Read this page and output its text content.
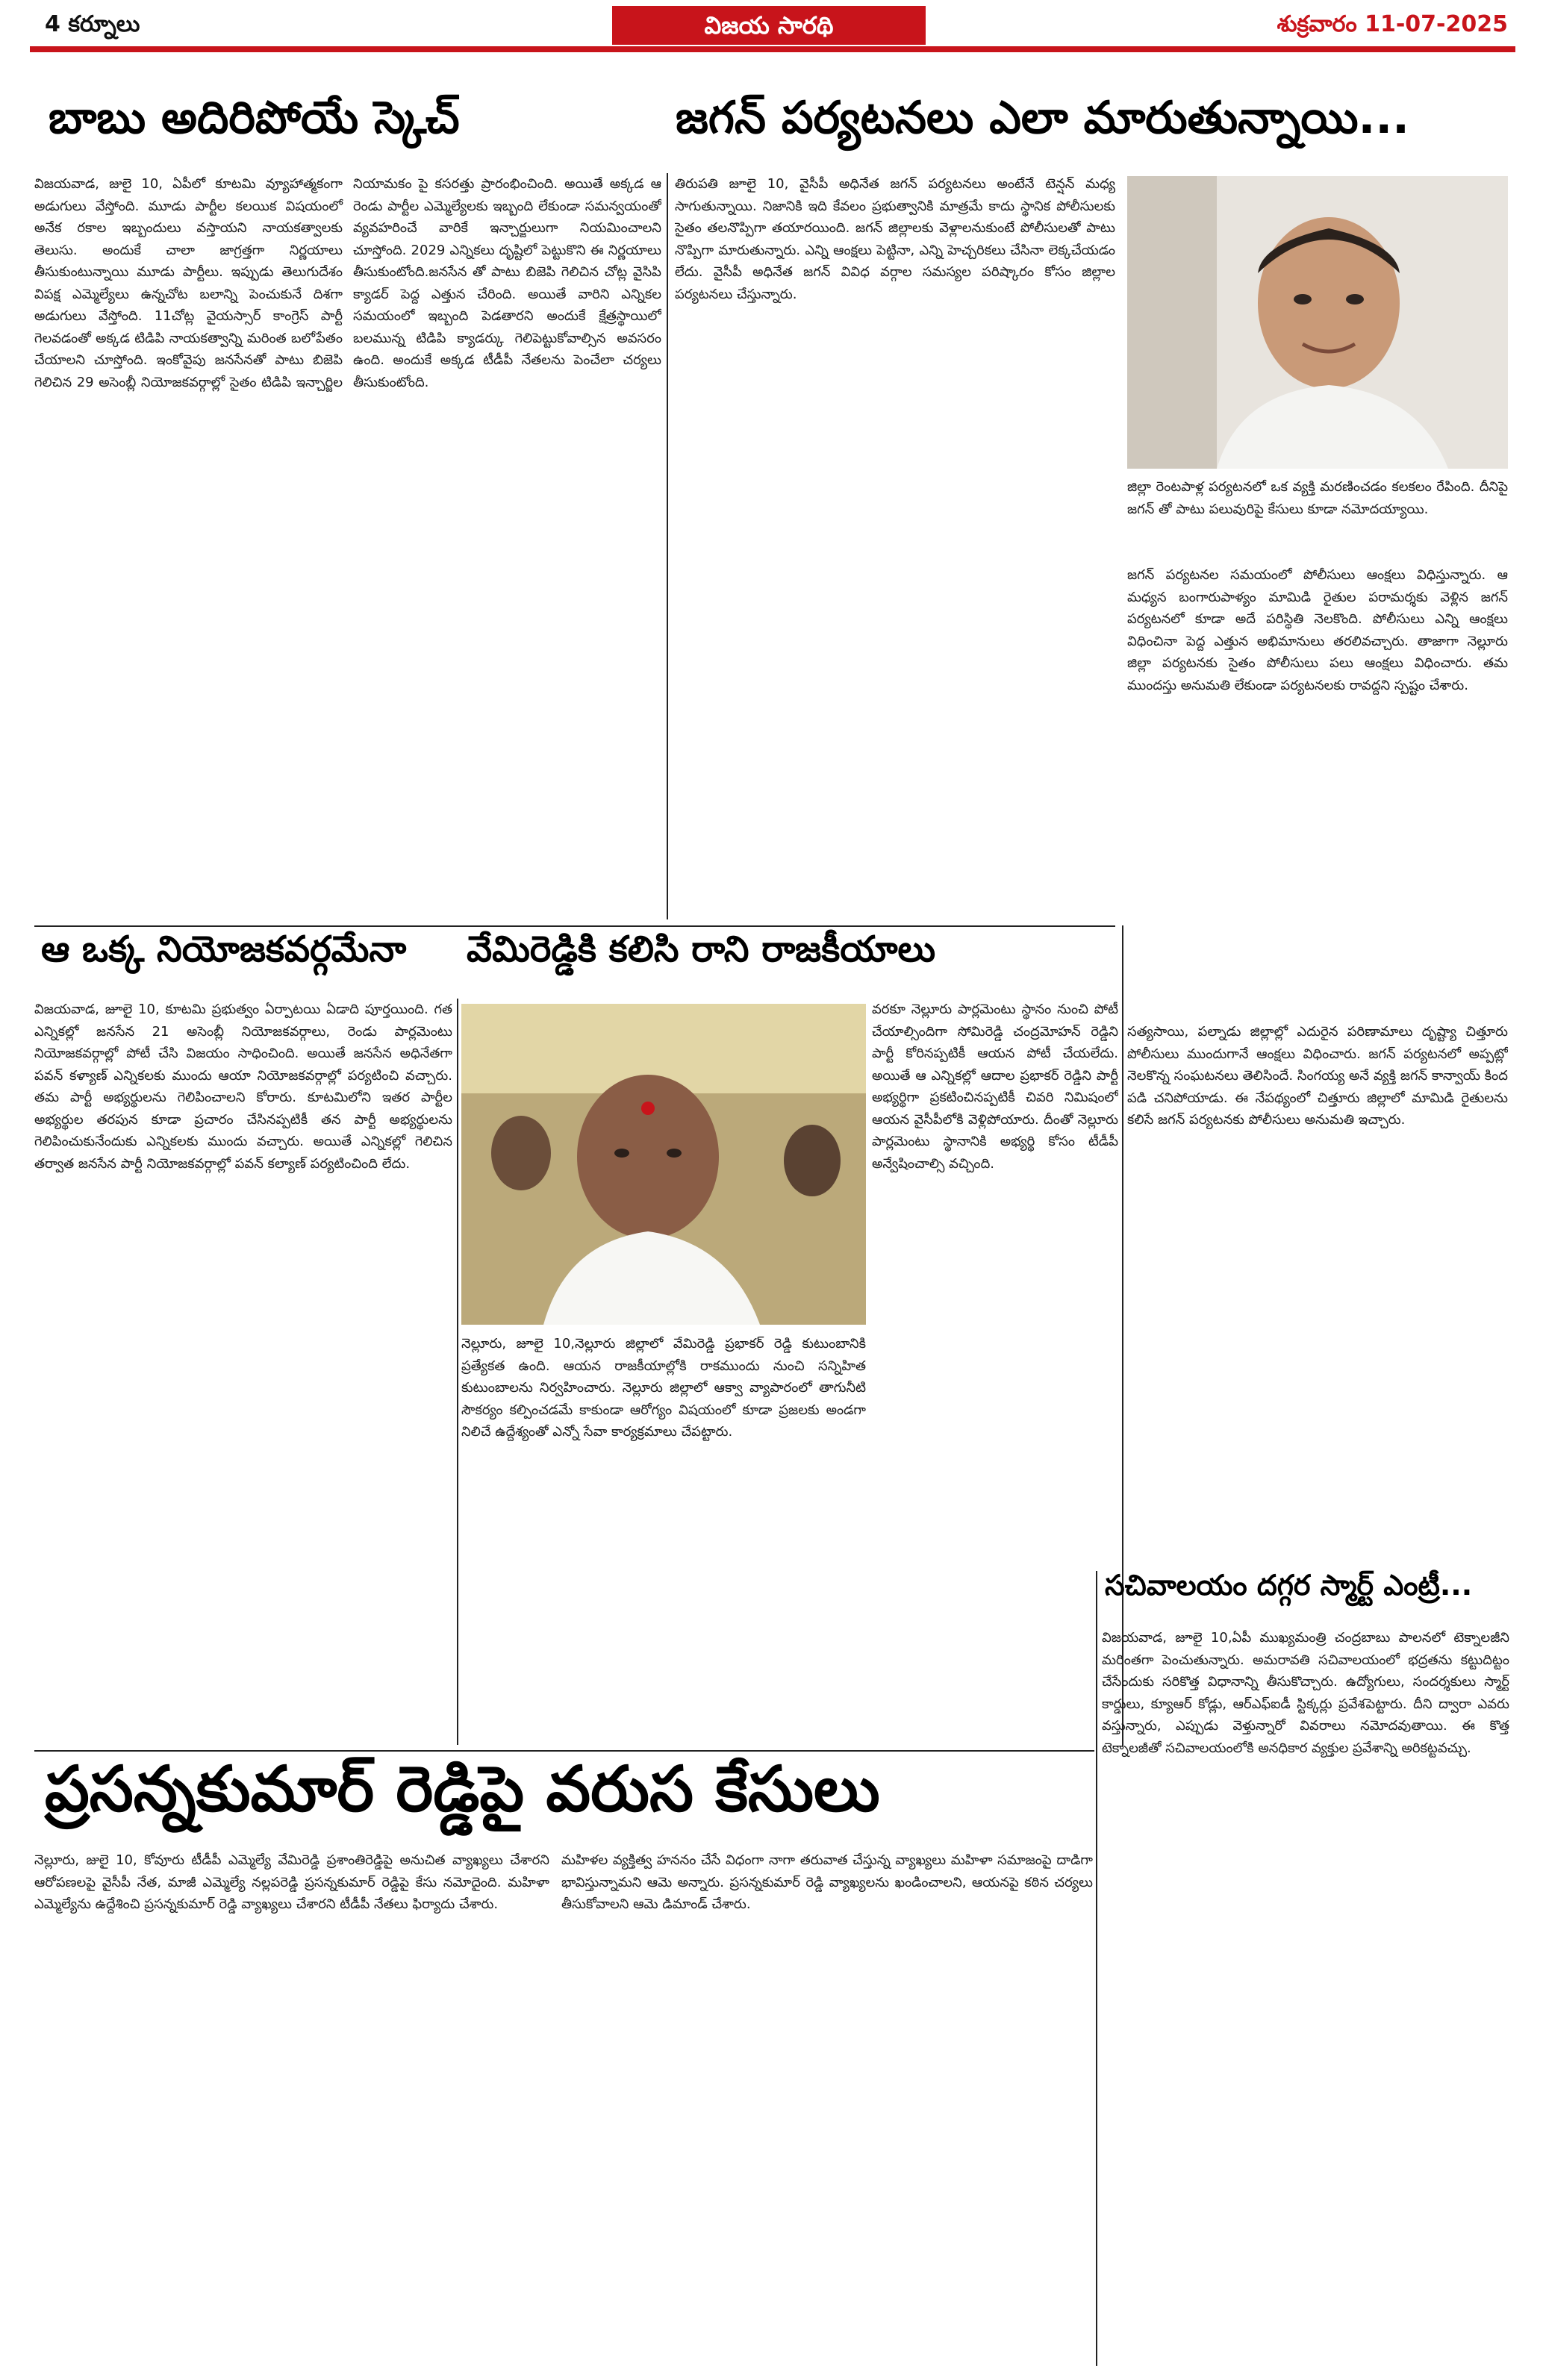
4 కర్నూలు	విజయ సారథి	శుక్రవారం 11-07-2025
బాబు అదిరిపోయే స్కెచ్	జగన్ పర్యటనలు ఎలా మారుతున్నాయి...
విజయవాడ, జులై 10, ఏపీలో కూటమి వ్యూహాత్మకంగా అడుగులు వేస్తోంది. మూడు పార్టీల కలయిక విషయంలో అనేక రకాల ఇబ్బందులు వస్తాయని నాయకత్వాలకు తెలుసు. అందుకే చాలా జాగ్రత్తగా నిర్ణయాలు తీసుకుంటున్నాయి మూడు పార్టీలు. ఇప్పుడు తెలుగుదేశం విపక్ష ఎమ్మెల్యేలు ఉన్నచోట బలాన్ని పెంచుకునే దిశగా అడుగులు వేస్తోంది. 11చోట్ల వైయస్సార్ కాంగ్రెస్ పార్టీ గెలవడంతో అక్కడ టిడిపి నాయకత్వాన్ని మరింత బలోపేతం చేయాలని చూస్తోంది. ఇంకోవైపు జనసేనతో పాటు బిజెపి గెలిచిన 29 అసెంబ్లీ నియోజకవర్గాల్లో సైతం టిడిపి ఇన్చార్జిల నియామకం పై కసరత్తు ప్రారంభించింది. అయితే అక్కడ ఆ రెండు పార్టీల ఎమ్మెల్యేలకు ఇబ్బంది లేకుండా సమన్వయంతో వ్యవహరించే వారికే ఇన్చార్జులుగా నియమించాలని చూస్తోంది. 2029 ఎన్నికలు దృష్టిలో పెట్టుకొని ఈ నిర్ణయాలు తీసుకుంటోంది.జనసేన తో పాటు బిజెపి గెలిచిన చోట్ల వైసిపి క్యాడర్ పెద్ద ఎత్తున చేరింది. అయితే వారిని ఎన్నికల సమయంలో ఇబ్బంది పెడతారని అందుకే క్షేత్రస్థాయిలో బలమున్న టిడిపి క్యాడర్కు గెలిపెట్టుకోవాల్సిన అవసరం ఉంది. అందుకే అక్కడ టీడీపీ నేతలను పెంచేలా చర్యలు తీసుకుంటోంది.
తిరుపతి జూలై 10, వైసీపీ అధినేత జగన్ పర్యటనలు అంటేనే టెన్షన్ మధ్య సాగుతున్నాయి. నిజానికి ఇది కేవలం ప్రభుత్వానికి మాత్రమే కాదు స్థానిక పోలీసులకు సైతం తలనొప్పిగా తయారయింది. జగన్ జిల్లాలకు వెళ్లాలనుకుంటే పోలీసులతో పాటు నొప్పిగా మారుతున్నారు. ఎన్ని ఆంక్షలు పెట్టినా, ఎన్ని హెచ్చరికలు చేసినా లెక్కచేయడం లేదు. వైసీపీ అధినేత జగన్ వివిధ వర్గాల సమస్యల పరిష్కారం కోసం జిల్లాల పర్యటనలు చేస్తున్నారు.
జిల్లా రెంటపాళ్ల పర్యటనలో ఒక వ్యక్తి మరణించడం కలకలం రేపింది. దీనిపై జగన్ తో పాటు పలువురిపై కేసులు కూడా నమోదయ్యాయి.
జగన్ పర్యటనల సమయంలో పోలీసులు ఆంక్షలు విధిస్తున్నారు. ఆ మధ్యన బంగారుపాళ్యం మామిడి రైతుల పరామర్శకు వెళ్లిన జగన్ పర్యటనలో కూడా అదే పరిస్థితి నెలకొంది. పోలీసులు ఎన్ని ఆంక్షలు విధించినా పెద్ద ఎత్తున అభిమానులు తరలివచ్చారు. తాజాగా నెల్లూరు జిల్లా పర్యటనకు సైతం పోలీసులు పలు ఆంక్షలు విధించారు. తమ ముందస్తు అనుమతి లేకుండా పర్యటనలకు రావద్దని స్పష్టం చేశారు.
ఆ ఒక్క నియోజకవర్గమేనా	వేమిరెడ్డికి కలిసి రాని రాజకీయాలు
విజయవాడ, జూలై 10, కూటమి ప్రభుత్వం ఏర్పాటయి ఏడాది పూర్తయింది. గత ఎన్నికల్లో జనసేన 21 అసెంబ్లీ నియోజకవర్గాలు, రెండు పార్లమెంటు నియోజకవర్గాల్లో పోటీ చేసి విజయం సాధించింది. అయితే జనసేన అధినేతగా పవన్ కళ్యాణ్ ఎన్నికలకు ముందు ఆయా నియోజకవర్గాల్లో పర్యటించి వచ్చారు. తమ పార్టీ అభ్యర్థులను గెలిపించాలని కోరారు. కూటమిలోని ఇతర పార్టీల అభ్యర్థుల తరపున కూడా ప్రచారం చేసినప్పటికీ తన పార్టీ అభ్యర్థులను గెలిపించుకునేందుకు ఎన్నికలకు ముందు వచ్చారు. అయితే ఎన్నికల్లో గెలిచిన తర్వాత జనసేన పార్టీ నియోజకవర్గాల్లో పవన్ కల్యాణ్ పర్యటించింది లేదు.
నెల్లూరు, జూలై 10,నెల్లూరు జిల్లాలో వేమిరెడ్డి ప్రభాకర్ రెడ్డి కుటుంబానికి ప్రత్యేకత ఉంది. ఆయన రాజకీయాల్లోకి రాకముందు నుంచి సన్నిహిత కుటుంబాలను నిర్వహించారు. నెల్లూరు జిల్లాలో ఆక్వా వ్యాపారంలో తాగునీటి సౌకర్యం కల్పించడమే కాకుండా ఆరోగ్యం విషయంలో కూడా ప్రజలకు అండగా నిలిచే ఉద్దేశ్యంతో ఎన్నో సేవా కార్యక్రమాలు చేపట్టారు.
వరకూ నెల్లూరు పార్లమెంటు స్థానం నుంచి పోటీ చేయాల్సిందిగా సోమిరెడ్డి చంద్రమోహన్ రెడ్డిని పార్టీ కోరినప్పటికీ ఆయన పోటీ చేయలేదు. అయితే ఆ ఎన్నికల్లో ఆదాల ప్రభాకర్ రెడ్డిని పార్టీ అభ్యర్థిగా ప్రకటించినప్పటికీ చివరి నిమిషంలో ఆయన వైసీపీలోకి వెళ్లిపోయారు. దీంతో నెల్లూరు పార్లమెంటు స్థానానికి అభ్యర్థి కోసం టీడీపీ అన్వేషించాల్సి వచ్చింది.
సత్యసాయి, పల్నాడు జిల్లాల్లో ఎదురైన పరిణామాలు దృష్ట్యా చిత్తూరు పోలీసులు ముందుగానే ఆంక్షలు విధించారు. జగన్ పర్యటనలో అప్పట్లో నెలకొన్న సంఘటనలు తెలిసిందే. సింగయ్య అనే వ్యక్తి జగన్ కాన్వాయ్ కింద పడి చనిపోయాడు. ఈ నేపథ్యంలో చిత్తూరు జిల్లాలో మామిడి రైతులను కలిసే జగన్ పర్యటనకు పోలీసులు అనుమతి ఇచ్చారు.
సచివాలయం దగ్గర స్మార్ట్ ఎంట్రీ...
విజయవాడ, జూలై 10,ఏపీ ముఖ్యమంత్రి చంద్రబాబు పాలనలో టెక్నాలజీని మరింతగా పెంచుతున్నారు. అమరావతి సచివాలయంలో భద్రతను కట్టుదిట్టం చేసేందుకు సరికొత్త విధానాన్ని తీసుకొచ్చారు. ఉద్యోగులు, సందర్శకులు స్మార్ట్ కార్డులు, క్యూఆర్ కోడ్లు, ఆర్ఎఫ్ఐడీ స్టిక్కర్లు ప్రవేశపెట్టారు. దీని ద్వారా ఎవరు వస్తున్నారు, ఎప్పుడు వెళ్తున్నారో వివరాలు నమోదవుతాయి. ఈ కొత్త టెక్నాలజీతో సచివాలయంలోకి అనధికార వ్యక్తుల ప్రవేశాన్ని అరికట్టవచ్చు.
ప్రసన్నకుమార్ రెడ్డిపై వరుస కేసులు
నెల్లూరు, జులై 10, కోవూరు టీడీపీ ఎమ్మెల్యే వేమిరెడ్డి ప్రశాంతిరెడ్డిపై అనుచిత వ్యాఖ్యలు చేశారని ఆరోపణలపై వైసీపీ నేత, మాజీ ఎమ్మెల్యే నల్లపరెడ్డి ప్రసన్నకుమార్ రెడ్డిపై కేసు నమోదైంది. మహిళా ఎమ్మెల్యేను ఉద్దేశించి ప్రసన్నకుమార్ రెడ్డి వ్యాఖ్యలు చేశారని టీడీపీ నేతలు ఫిర్యాదు చేశారు.
మహిళల వ్యక్తిత్వ హననం చేసే విధంగా నాగా తరువాత చేస్తున్న వ్యాఖ్యలు మహిళా సమాజంపై దాడిగా భావిస్తున్నామని ఆమె అన్నారు. ప్రసన్నకుమార్ రెడ్డి వ్యాఖ్యలను ఖండించాలని, ఆయనపై కఠిన చర్యలు తీసుకోవాలని ఆమె డిమాండ్ చేశారు.
